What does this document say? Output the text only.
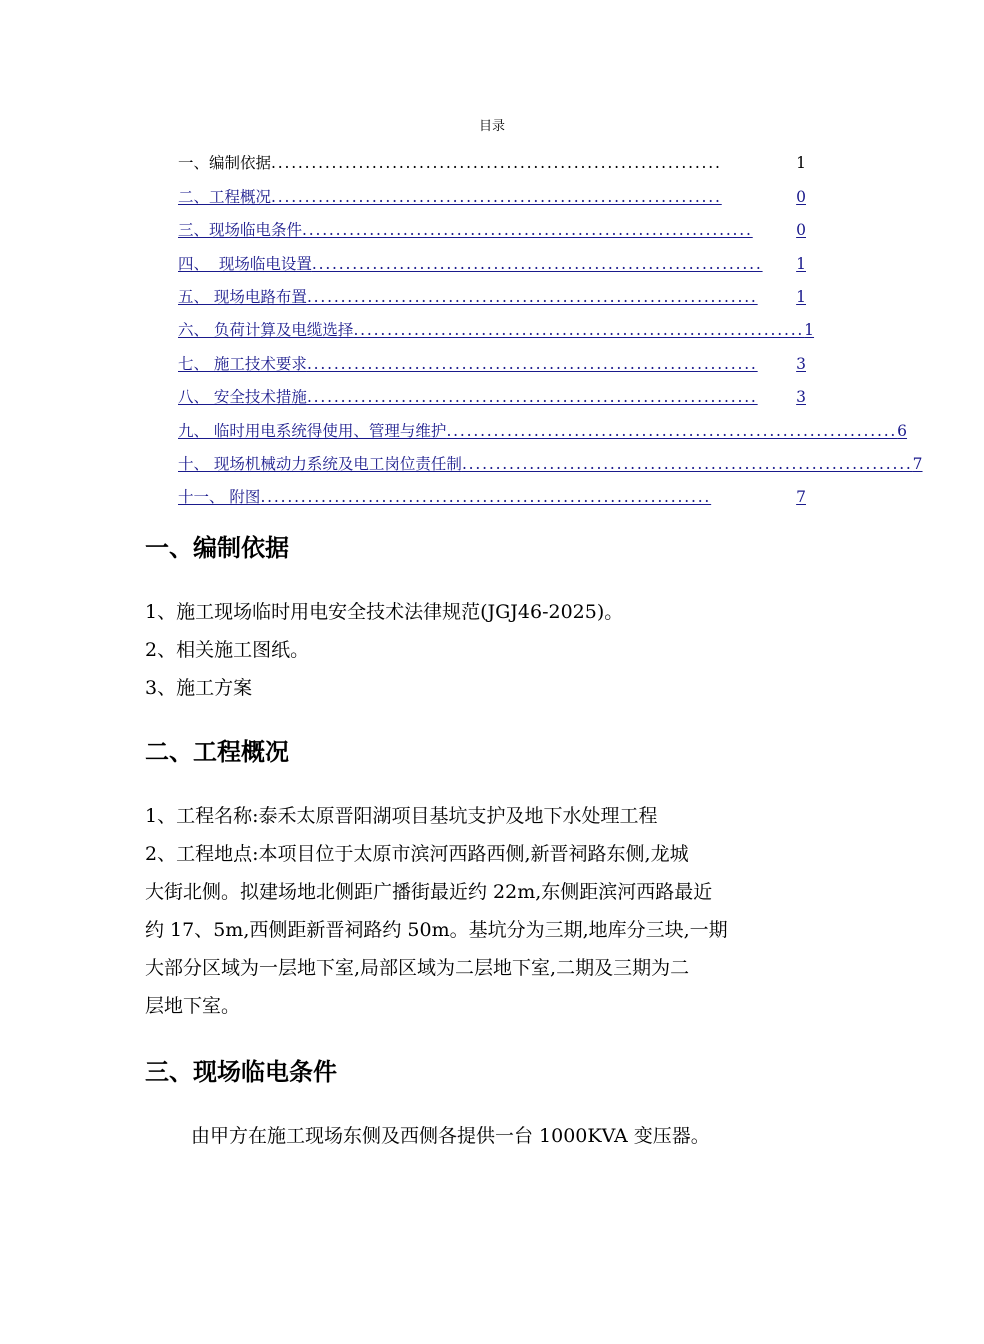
目录
一、编制依据 ...................................................................	1
二、工程概况 ...................................................................	0
三、现场临电条件 ...................................................................	0
四、  现场临电设置 ...................................................................	1
五、 现场电路布置 ...................................................................	1
六、 负荷计算及电缆选择 ................................................................... 1
七、 施工技术要求 ...................................................................	3
八、 安全技术措施 ...................................................................	3
九、 临时用电系统得使用、管理与维护 ................................................................... 6
十、 现场机械动力系统及电工岗位责任制 ................................................................... 7
十一、 附图 ...................................................................	7
一、编制依据
1、施工现场临时用电安全技术法律规范(JGJ46-2025)。
2、相关施工图纸。
3、施工方案
二、工程概况
1、工程名称:泰禾太原晋阳湖项目基坑支护及地下水处理工程
2、工程地点:本项目位于太原市滨河西路西侧,新晋祠路东侧,龙城
大街北侧。拟建场地北侧距广播街最近约 22m,东侧距滨河西路最近
约 17、5m,西侧距新晋祠路约 50m。基坑分为三期,地库分三块,一期
大部分区域为一层地下室,局部区域为二层地下室,二期及三期为二
层地下室。
三、现场临电条件
由甲方在施工现场东侧及西侧各提供一台 1000KVA 变压器。
